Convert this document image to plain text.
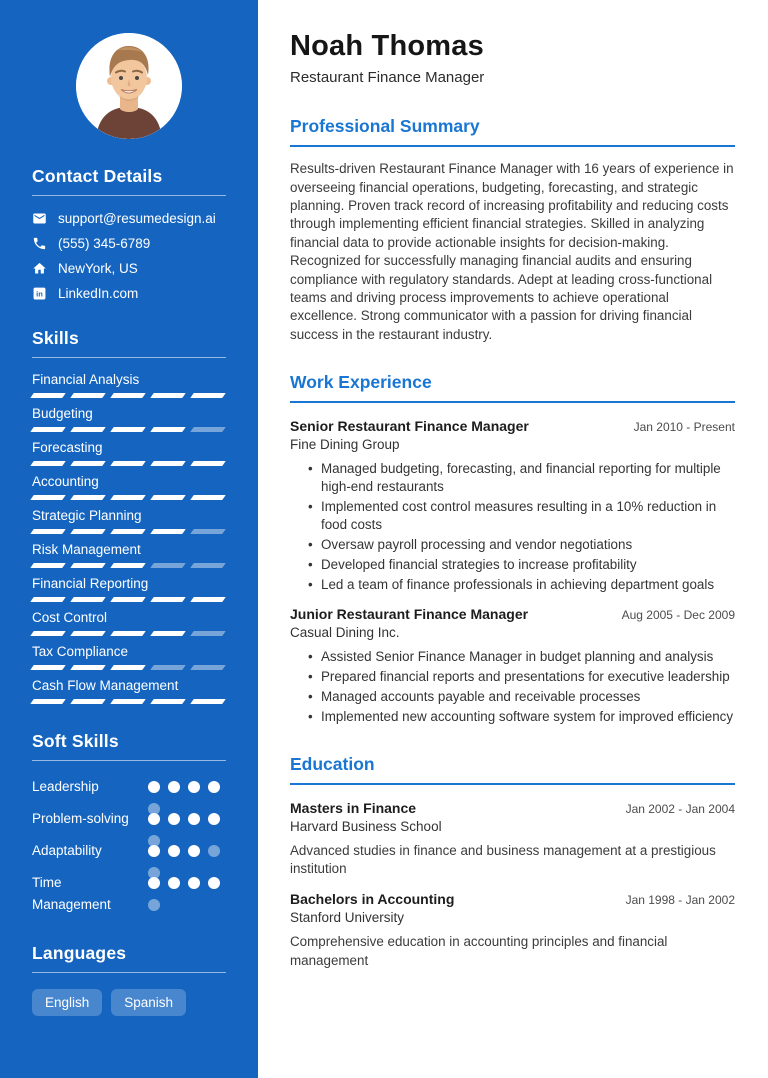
Contact Details
support@resumedesign.ai
(555) 345-6789
NewYork, US
in LinkedIn.com
Skills
Financial Analysis
Budgeting
Forecasting
Accounting
Strategic Planning
Risk Management
Financial Reporting
Cost Control
Tax Compliance
Cash Flow Management
Soft Skills
Leadership
Problem-solving
Adaptability
Time Management
Languages
English	Spanish
Noah Thomas

Restaurant Finance Manager

Professional Summary

Results-driven Restaurant Finance Manager with 16 years of experience in overseeing financial operations, budgeting, forecasting, and strategic planning. Proven track record of increasing profitability and reducing costs through implementing efficient financial strategies. Skilled in analyzing financial data to provide actionable insights for decision-making. Recognized for successfully managing financial audits and ensuring compliance with regulatory standards. Adept at leading cross-functional teams and driving process improvements to achieve operational excellence. Strong communicator with a passion for driving financial success in the restaurant industry.

Work Experience
Senior Restaurant Finance Manager	Jan 2010 - Present
Fine Dining Group
• Managed budgeting, forecasting, and financial reporting for multiple high-end restaurants
• Implemented cost control measures resulting in a 10% reduction in food costs
• Oversaw payroll processing and vendor negotiations
• Developed financial strategies to increase profitability
• Led a team of finance professionals in achieving department goals
Junior Restaurant Finance Manager	Aug 2005 - Dec 2009
Casual Dining Inc.
• Assisted Senior Finance Manager in budget planning and analysis
• Prepared financial reports and presentations for executive leadership
• Managed accounts payable and receivable processes
• Implemented new accounting software system for improved efficiency
Education
Masters in Finance	Jan 2002 - Jan 2004
Harvard Business School

Advanced studies in finance and business management at a prestigious institution

Bachelors in Accounting	Jan 1998 - Jan 2002
Stanford University

Comprehensive education in accounting principles and financial management
